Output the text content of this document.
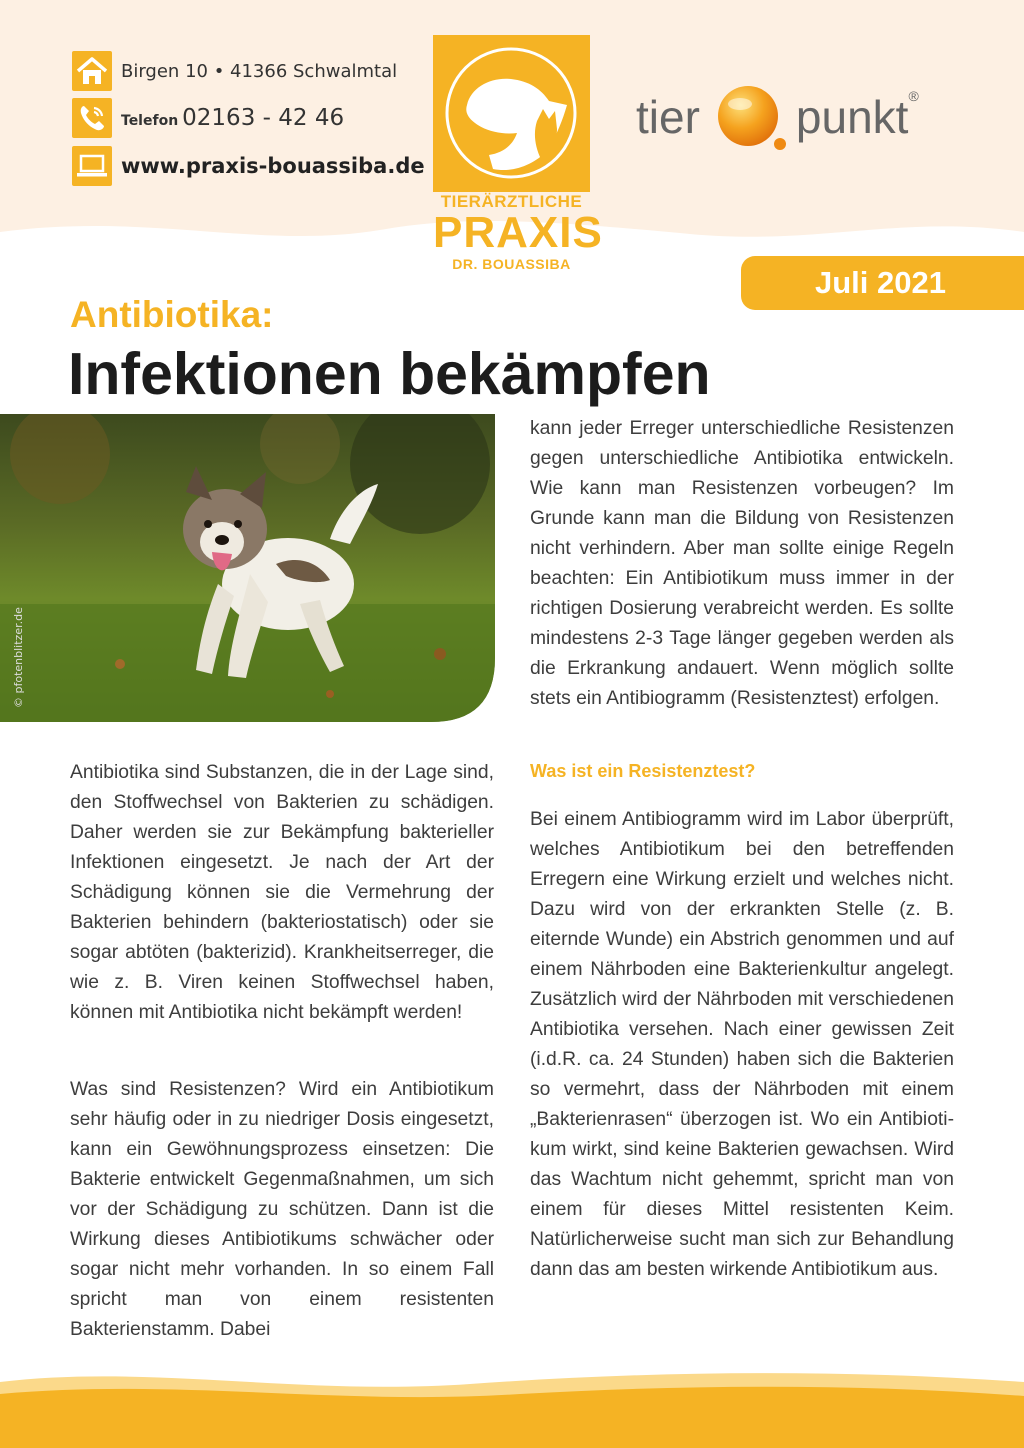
Birgen 10 • 41366 Schwalmtal
Telefon 02163 - 42 46
www.praxis-bouassiba.de
TIERÄRZTLICHE
PRAXIS
DR. BOUASSIBA
tier punkt ®
Juli 2021
Antibiotika:
Infektionen bekämpfen
© pfotenblitzer.de

Antibiotika sind Substanzen, die in der Lage sind, den Stoffwechsel von Bakterien zu schädigen. Daher werden sie zur Bekämpfung bakterieller Infektionen eingesetzt. Je nach der Art der Schädigung können sie die Vermehrung der Bakterien behindern (bakteriostatisch) oder sie sogar abtöten (bakterizid). Krankheitserreger, die wie z. B. Viren keinen Stoffwechsel haben, können mit Antibiotika nicht bekämpft werden!

Was sind Resistenzen? Wird ein Antibiotikum sehr häufig oder in zu niedriger Dosis eingesetzt, kann ein Gewöhnungsprozess einsetzen: Die Bakterie entwickelt Gegenmaßnahmen, um sich vor der Schädigung zu schützen. Dann ist die Wirkung dieses Antibiotikums schwächer oder sogar nicht mehr vorhanden. In so einem Fall spricht man von einem resistenten Bakterienstamm. Dabei

kann jeder Erreger unterschiedliche Resistenzen gegen unterschiedliche Antibiotika entwickeln. Wie kann man Resistenzen vorbeugen? Im Grunde kann man die Bildung von Resistenzen nicht verhindern. Aber man sollte einige Regeln beachten: Ein Antibiotikum muss immer in der richtigen Dosierung verabreicht werden. Es sollte mindestens 2-3 Tage länger gegeben werden als die Erkrankung andauert. Wenn möglich sollte stets ein Antibiogramm (Resistenztest) erfolgen.

Was ist ein Resistenztest?

Bei einem Antibiogramm wird im Labor überprüft, welches Antibiotikum bei den betreffenden Erregern eine Wirkung erzielt und welches nicht. Dazu wird von der erkrankten Stelle (z. B. eiternde Wunde) ein Abstrich genommen und auf einem Nährboden eine Bakterienkultur angelegt. Zusätzlich wird der Nährboden mit verschiedenen Antibiotika versehen. Nach einer gewissen Zeit (i.d.R. ca. 24 Stunden) haben sich die Bakterien so vermehrt, dass der Nährboden mit einem „Bakterienrasen“ überzogen ist. Wo ein Antibiotikum wirkt, sind keine Bakterien gewachsen. Wird das Wachtum nicht gehemmt, spricht man von einem für dieses Mittel resistenten Keim. Natürlicherweise sucht man sich zur Behandlung dann das am besten wirkende Antibiotikum aus.
